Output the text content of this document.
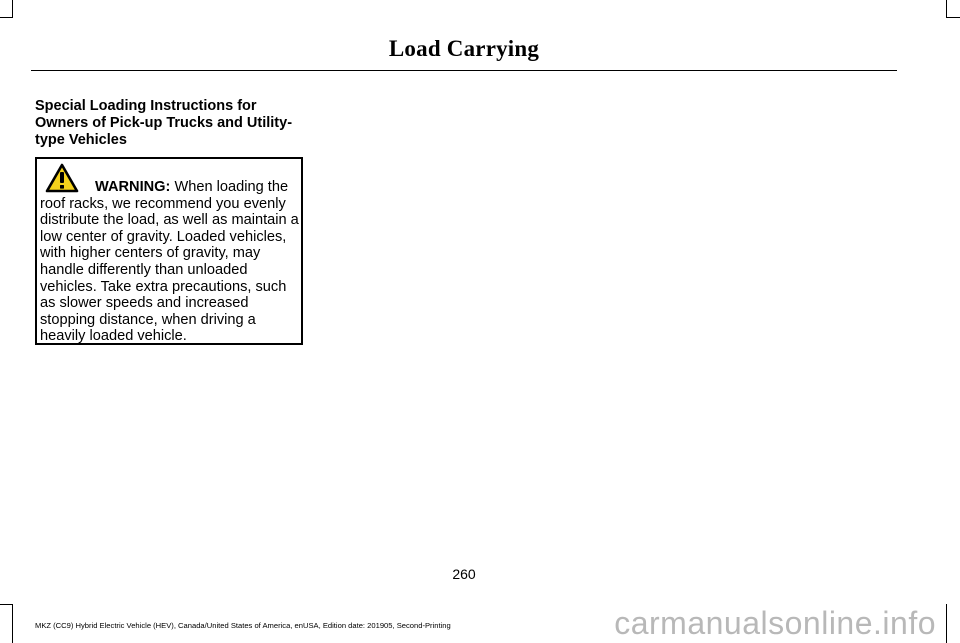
Load Carrying
Special Loading Instructions for Owners of Pick-up Trucks and Utility-type Vehicles
WARNING: When loading the roof racks, we recommend you evenly distribute the load, as well as maintain a low center of gravity. Loaded vehicles, with higher centers of gravity, may handle differently than unloaded vehicles. Take extra precautions, such as slower speeds and increased stopping distance, when driving a heavily loaded vehicle.
260
MKZ (CC9) Hybrid Electric Vehicle (HEV), Canada/United States of America, enUSA, Edition date: 201905, Second-Printing	carmanualsonline.info
